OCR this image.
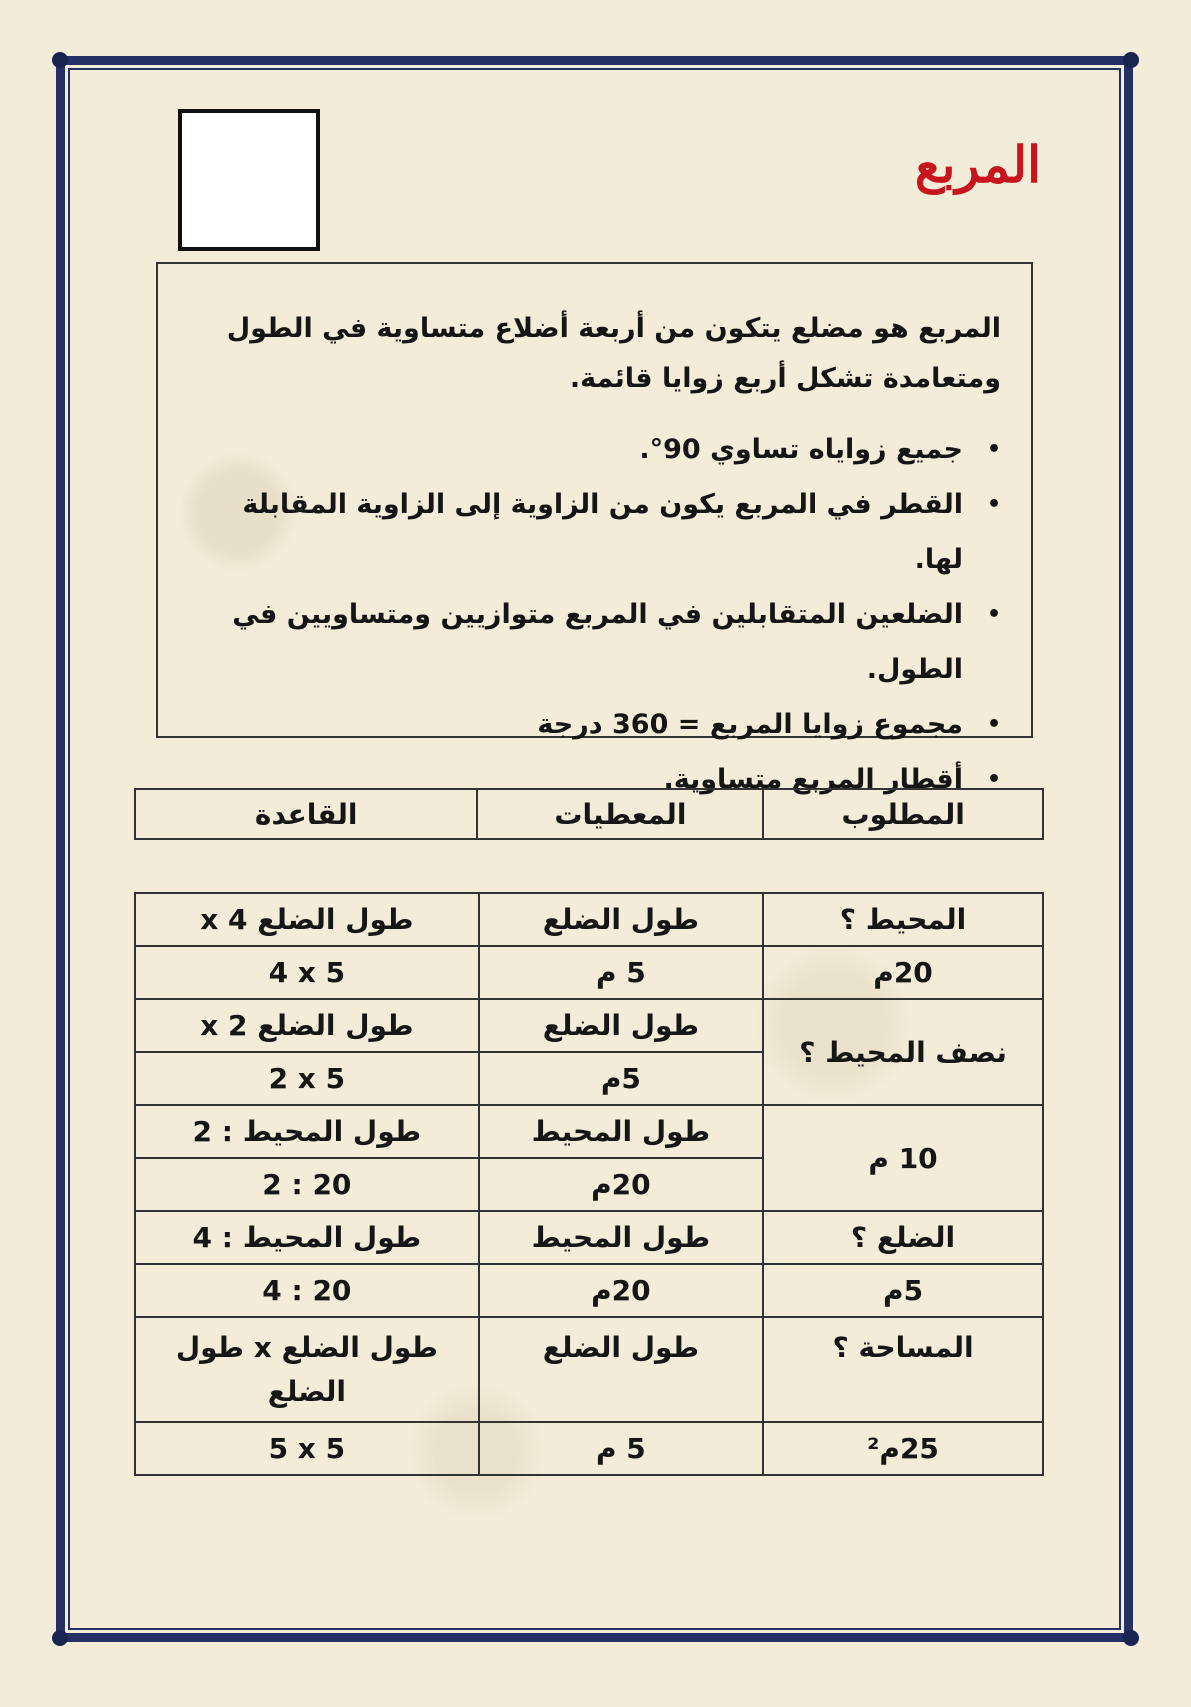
المربع

المربع هو مضلع يتكون من أربعة أضلاع متساوية في الطول ومتعامدة تشكل أربع زوايا قائمة.

• جميع زواياه تساوي 90°.
• القطر في المربع يكون من الزاوية إلى الزاوية المقابلة لها.
• الضلعين المتقابلين في المربع متوازيين ومتساويين في الطول.
• مجموع زوايا المربع = 360 درجة
• أقطار المربع متساوية.
المطلوب	المعطيات	القاعدة
المحيط ؟	طول الضلع	طول الضلع x 4
20م	5 م	4 x 5
نصف المحيط ؟	طول الضلع	طول الضلع x 2
	5م	2 x 5
10 م	طول المحيط	طول المحيط : 2
	20م	2 : 20
الضلع ؟	طول المحيط	طول المحيط : 4
5م	20م	4 : 20
المساحة ؟	طول الضلع	طول الضلع x طول الضلع
25م²	5 م	5 x 5
